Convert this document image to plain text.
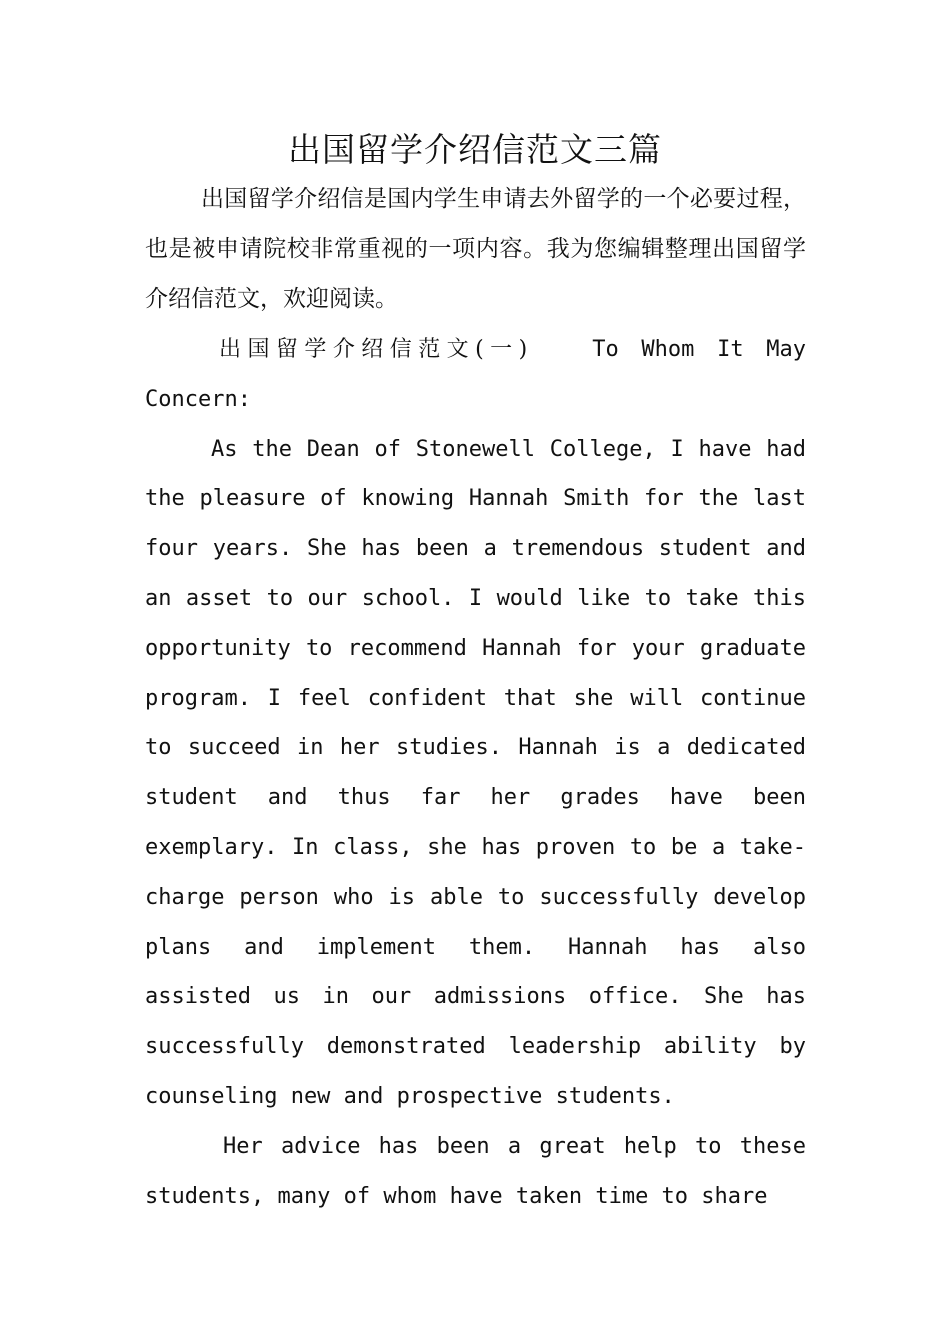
出国留学介绍信范文三篇

出国留学介绍信是国内学生申请去外留学的一个必要过程，也是被申请院校非常重视的一项内容。我为您编辑整理出国留学介绍信范文，欢迎阅读。

出国留学介绍信范文(一)	To Whom It May Concern:

As the Dean of Stonewell College, I have had the pleasure of knowing Hannah Smith for the last four years. She has been a tremendous student and an asset to our school. I would like to take this opportunity to recommend Hannah for your graduate program. I feel confident that she will continue to succeed in her studies. Hannah is a dedicated student and thus far her grades have been exemplary. In class, she has proven to be a take-charge person who is able to successfully develop plans and implement them. Hannah has also assisted us in our admissions office. She has successfully demonstrated leadership ability by counseling new and prospective students.

Her advice has been a great help to these students, many of whom have taken time to share
